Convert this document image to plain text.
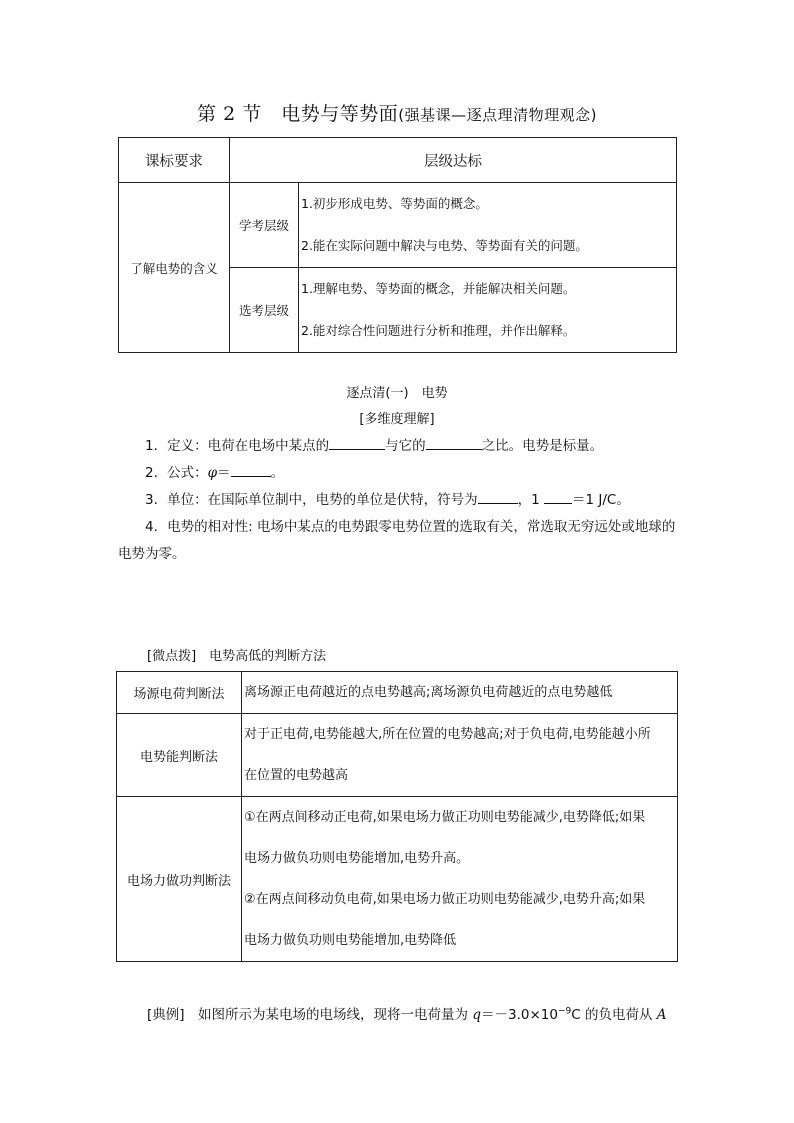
第 2 节　电势与等势面(强基课—逐点理清物理观念)
课标要求	层级达标	
了解电势的含义	学考层级	1.初步形成电势、等势面的概念。
2.能在实际问题中解决与电势、等势面有关的问题。

	选考层级	1.理解电势、等势面的概念，并能解决相关问题。
2.能对综合性问题进行分析和推理，并作出解释。
逐点清(一)　电势
[多维度理解]
1．定义：电荷在电场中某点的	与它的	之比。电势是标量。
2．公式：φ＝	。
3．单位：在国际单位制中，电势的单位是伏特，符号为	，1 ＝1 J/C。
4．电势的相对性: 电场中某点的电势跟零电势位置的选取有关，常选取无穷远处或地球的电势为零。
[微点拨]　电势高低的判断方法
场源电荷判断法	离场源正电荷越近的点电势越高;离场源负电荷越近的点电势越低

电势能判断法	对于正电荷,电势能越大,所在位置的电势越高;对于负电荷,电势能越小所
在位置的电势越高

电场力做功判断法	①在两点间移动正电荷,如果电场力做正功则电势能减少,电势降低;如果
电场力做负功则电势能增加,电势升高。
②在两点间移动负电荷,如果电场力做正功则电势能减少,电势升高;如果
电场力做负功则电势能增加,电势降低
[典例]　如图所示为某电场的电场线，现将一电荷量为 $q=-3.0\times 10^{-9}C$ 的负电荷从 A
